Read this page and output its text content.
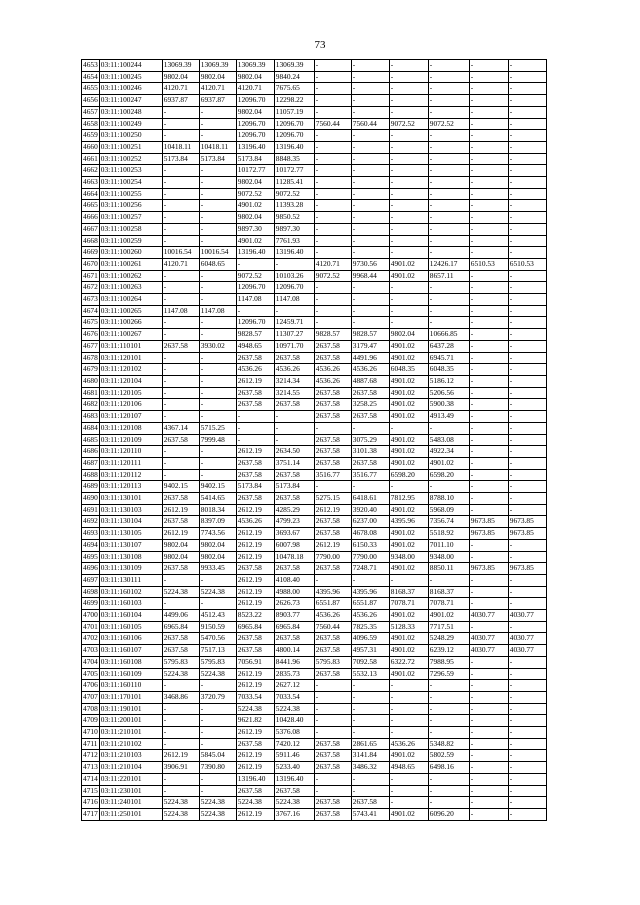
73
4653	03:11:100244	13069.39	13069.39	13069.39	13069.39	-	-	-	-	-	-
4654	03:11:100245	9802.04	9802.04	9802.04	9840.24	-	-	-	-	-	-
4655	03:11:100246	4120.71	4120.71	4120.71	7675.65	-	-	-	-	-	-
4656	03:11:100247	6937.87	6937.87	12096.70	12298.22	-	-	-	-	-	-
4657	03:11:100248	-	-	9802.04	11057.19	-	-	-	-	-	-
4658	03:11:100249	-	-	12096.70	12096.70	7560.44	7560.44	9072.52	9072.52	-	-
4659	03:11:100250	-	-	12096.70	12096.70	-	-	-	-	-	-
4660	03:11:100251	10418.11	10418.11	13196.40	13196.40	-	-	-	-	-	-
4661	03:11:100252	5173.84	5173.84	5173.84	8848.35	-	-	-	-	-	-
4662	03:11:100253	-	-	10172.77	10172.77	-	-	-	-	-	-
4663	03:11:100254	-	-	9802.04	11285.41	-	-	-	-	-	-
4664	03:11:100255	-	-	9072.52	9072.52	-	-	-	-	-	-
4665	03:11:100256	-	-	4901.02	11393.28	-	-	-	-	-	-
4666	03:11:100257	-	-	9802.04	9850.52	-	-	-	-	-	-
4667	03:11:100258	-	-	9897.30	9897.30	-	-	-	-	-	-
4668	03:11:100259	-	-	4901.02	7761.93	-	-	-	-	-	-
4669	03:11:100260	10016.54	10016.54	13196.40	13196.40	-	-	-	-	-	-
4670	03:11:100261	4120.71	6048.65	-	-	4120.71	9730.56	4901.02	12426.17	6510.53	6510.53
4671	03:11:100262	-	-	9072.52	10103.26	9072.52	9968.44	4901.02	8657.11	-	-
4672	03:11:100263	-	-	12096.70	12096.70	-	-	-	-	-	-
4673	03:11:100264	-	-	1147.08	1147.08	-	-	-	-	-	-
4674	03:11:100265	1147.08	1147.08	-	-	-	-	-	-	-	-
4675	03:11:100266	-	-	12096.70	12459.71	-	-	-	-	-	-
4676	03:11:100267	-	-	9828.57	11307.27	9828.57	9828.57	9802.04	10666.85	-	-
4677	03:11:110101	2637.58	3930.02	4948.65	10971.70	2637.58	3179.47	4901.02	6437.28	-	-
4678	03:11:120101	-	-	2637.58	2637.58	2637.58	4491.96	4901.02	6945.71	-	-
4679	03:11:120102	-	-	4536.26	4536.26	4536.26	4536.26	6048.35	6048.35	-	-
4680	03:11:120104	-	-	2612.19	3214.34	4536.26	4887.68	4901.02	5186.12	-	-
4681	03:11:120105	-	-	2637.58	3214.55	2637.58	2637.58	4901.02	5206.56	-	-
4682	03:11:120106	-	-	2637.58	2637.58	2637.58	3258.25	4901.02	5900.38	-	-
4683	03:11:120107	-	-	-	-	2637.58	2637.58	4901.02	4913.49	-	-
4684	03:11:120108	4367.14	5715.25	-	-	-	-	-	-	-	-
4685	03:11:120109	2637.58	7999.48	-	-	2637.58	3075.29	4901.02	5483.08	-	-
4686	03:11:120110	-	-	2612.19	2634.50	2637.58	3101.38	4901.02	4922.34	-	-
4687	03:11:120111	-	-	2637.58	3751.14	2637.58	2637.58	4901.02	4901.02	-	-
4688	03:11:120112	-	-	2637.58	2637.58	3516.77	3516.77	6598.20	6598.20	-	-
4689	03:11:120113	9402.15	9402.15	5173.84	5173.84	-	-	-	-	-	-
4690	03:11:130101	2637.58	5414.65	2637.58	2637.58	5275.15	6418.61	7812.95	8788.10	-	-
4691	03:11:130103	2612.19	8018.34	2612.19	4285.29	2612.19	3920.40	4901.02	5968.09	-	-
4692	03:11:130104	2637.58	8397.09	4536.26	4799.23	2637.58	6237.00	4395.96	7356.74	9673.85	9673.85
4693	03:11:130105	2612.19	7743.56	2612.19	3693.67	2637.58	4678.08	4901.02	5518.92	9673.85	9673.85
4694	03:11:130107	9802.04	9802.04	2612.19	6007.98	2612.19	6150.33	4901.02	7011.10	-	-
4695	03:11:130108	9802.04	9802.04	2612.19	10478.18	7790.00	7790.00	9348.00	9348.00	-	-
4696	03:11:130109	2637.58	9933.45	2637.58	2637.58	2637.58	7248.71	4901.02	8850.11	9673.85	9673.85
4697	03:11:130111	-	-	2612.19	4108.40	-	-	-	-	-	-
4698	03:11:160102	5224.38	5224.38	2612.19	4988.00	4395.96	4395.96	8168.37	8168.37	-	-
4699	03:11:160103	-	-	2612.19	2626.73	6551.87	6551.87	7078.71	7078.71	-	-
4700	03:11:160104	4499.06	4512.43	8523.22	8903.77	4536.26	4536.26	4901.02	4901.02	4030.77	4030.77
4701	03:11:160105	6965.84	9150.59	6965.84	6965.84	7560.44	7825.35	5128.33	7717.51	-	-
4702	03:11:160106	2637.58	5470.56	2637.58	2637.58	2637.58	4096.59	4901.02	5248.29	4030.77	4030.77
4703	03:11:160107	2637.58	7517.13	2637.58	4800.14	2637.58	4957.31	4901.02	6239.12	4030.77	4030.77
4704	03:11:160108	5795.83	5795.83	7056.91	8441.96	5795.83	7092.58	6322.72	7988.95	-	-
4705	03:11:160109	5224.38	5224.38	2612.19	2835.73	2637.58	5532.13	4901.02	7296.59	-	-
4706	03:11:160110	-	-	2612.19	2627.12	-	-	-	-	-	-
4707	03:11:170101	3468.86	3720.79	7033.54	7033.54	-	-	-	-	-	-
4708	03:11:190101	-	-	5224.38	5224.38	-	-	-	-	-	-
4709	03:11:200101	-	-	9621.82	10428.40	-	-	-	-	-	-
4710	03:11:210101	-	-	2612.19	5376.08	-	-	-	-	-	-
4711	03:11:210102	-	-	2637.58	7420.12	2637.58	2861.65	4536.26	5348.82	-	-
4712	03:11:210103	2612.19	5845.04	2612.19	5911.46	2637.58	3141.84	4901.02	5802.59	-	-
4713	03:11:210104	3906.91	7390.80	2612.19	5233.40	2637.58	3486.32	4948.65	6498.16	-	-
4714	03:11:220101	-	-	13196.40	13196.40	-	-	-	-	-	-
4715	03:11:230101	-	-	2637.58	2637.58	-	-	-	-	-	-
4716	03:11:240101	5224.38	5224.38	5224.38	5224.38	2637.58	2637.58	-	-	-	-
4717	03:11:250101	5224.38	5224.38	2612.19	3767.16	2637.58	5743.41	4901.02	6096.20	-	-
